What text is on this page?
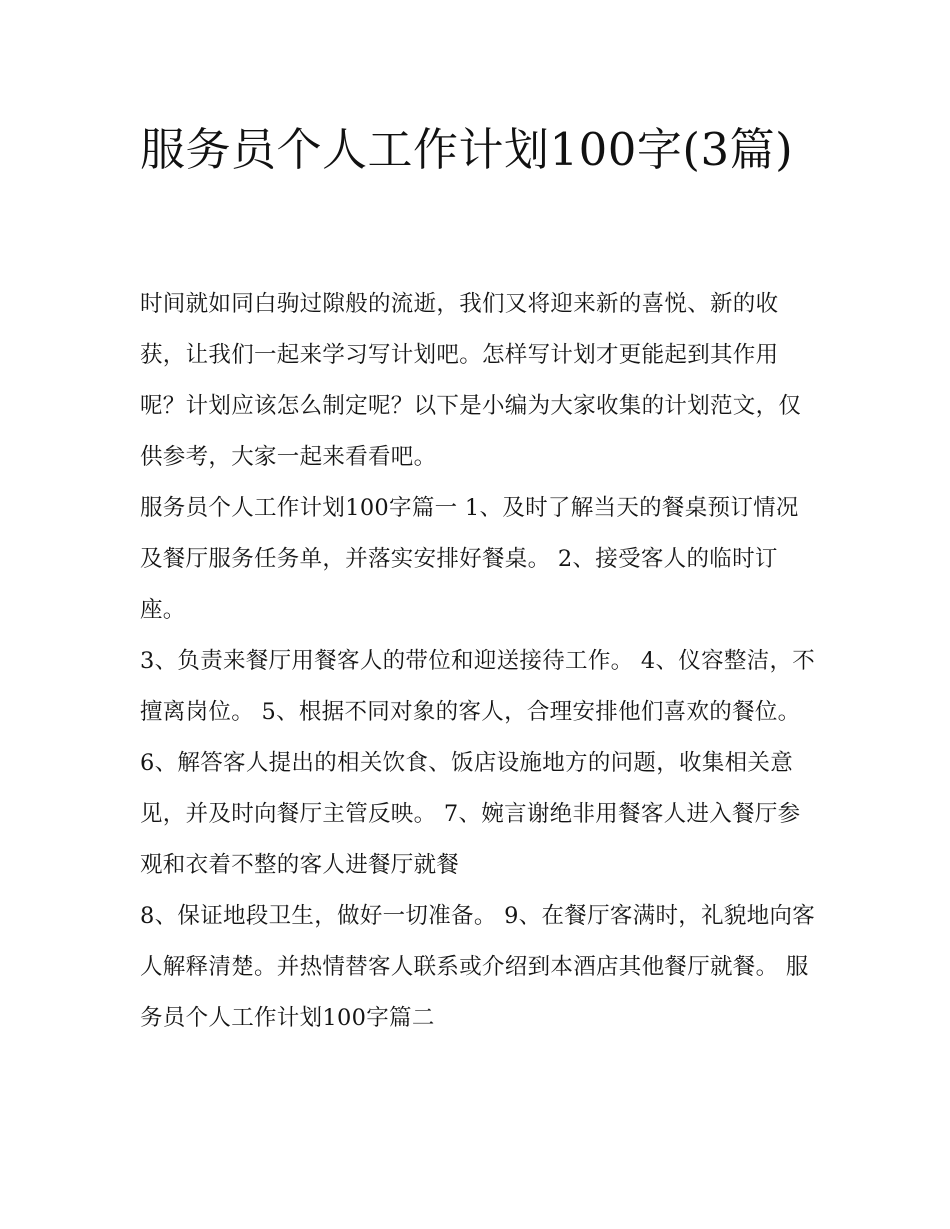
服务员个人工作计划100字(3篇)

时间就如同白驹过隙般的流逝，我们又将迎来新的喜悦、新的收获，让我们一起来学习写计划吧。怎样写计划才更能起到其作用呢？计划应该怎么制定呢？以下是小编为大家收集的计划范文，仅供参考，大家一起来看看吧。

服务员个人工作计划100字篇一 1、及时了解当天的餐桌预订情况及餐厅服务任务单，并落实安排好餐桌。 2、接受客人的临时订座。

3、负责来餐厅用餐客人的带位和迎送接待工作。 4、仪容整洁，不擅离岗位。 5、根据不同对象的客人，合理安排他们喜欢的餐位。

6、解答客人提出的相关饮食、饭店设施地方的问题，收集相关意见，并及时向餐厅主管反映。 7、婉言谢绝非用餐客人进入餐厅参观和衣着不整的客人进餐厅就餐

8、保证地段卫生，做好一切准备。 9、在餐厅客满时，礼貌地向客人解释清楚。并热情替客人联系或介绍到本酒店其他餐厅就餐。 服务员个人工作计划100字篇二
